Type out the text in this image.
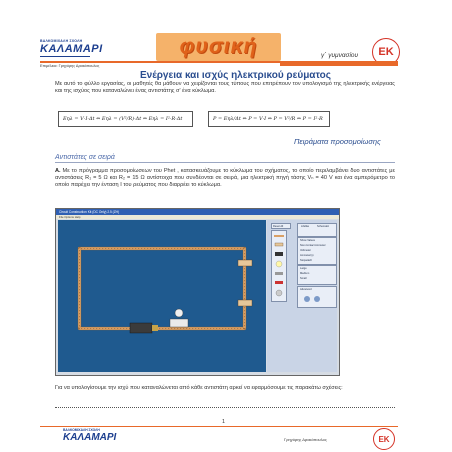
ΒΑΛΚΟΜΙΧΑΛΗ ΣΧΟΛΗ
ΚΑΛΑΜΑΡΙ	φυσική	γ΄ γυμνασίου EK
Επιμέλεια: Γρηγόρης Δρακόπουλος
Ενέργεια και ισχύς ηλεκτρικού ρεύματος
Με αυτό το φύλλο εργασίας, οι μαθητές θα μάθουν να χειρίζονται τους τύπους που επιτρέπουν τον υπολογισμό της ηλεκτρικής ενέργειας και της ισχύος που καταναλώνει ένας αντιστάτης σ' ένα κύκλωμα.
Eηλ = V·I·Δt ⇔ Eηλ = (V²/R)·Δt ⇔ Eηλ = I²·R·Δt	P = Eηλ/Δt ⇔ P = V·I ⇔ P = V²/R ⇔ P = I²·R
Πειράματα προσομοίωσης
Αντιστάτες σε σειρά
Α. Με το πρόγραμμα προσομοίωσεων του Phet , κατασκευάζουμε το κύκλωμα του σχήματος, το οποίο περιλαμβάνει δυο αντιστάτες με αντιστάσεις R₁ = 5 Ω και R₂ = 15 Ω αντίστοιχα που συνδέονται σε σειρά, μια ηλεκτρική πηγή τάσης Vₙ = 40 V και ένα αμπερόμετρο το οποίο παρέχει την ένταση I του ρεύματος που διαρρέει το κύκλωμα.
Circuit Construction Kit (DC Only) 2.5 (ZH)
File Options Help
Reset All	Lifelike	Schematic
Show Values
Non-Contact Ammeter
Voltmeter
Ammeter(s)
Stopwatch
Large
Medium
Small
Advanced
Για να υπολογίσουμε την ισχύ που καταναλώνεται από κάθε αντιστάτη αρκεί να εφαρμόσουμε τις παρακάτω σχέσεις:
1
ΒΑΛΚΟΜΙΧΑΛΗ ΣΧΟΛΗ
ΚΑΛΑΜΑΡΙ	Γρηγόρης Δρακόπουλος	EK
